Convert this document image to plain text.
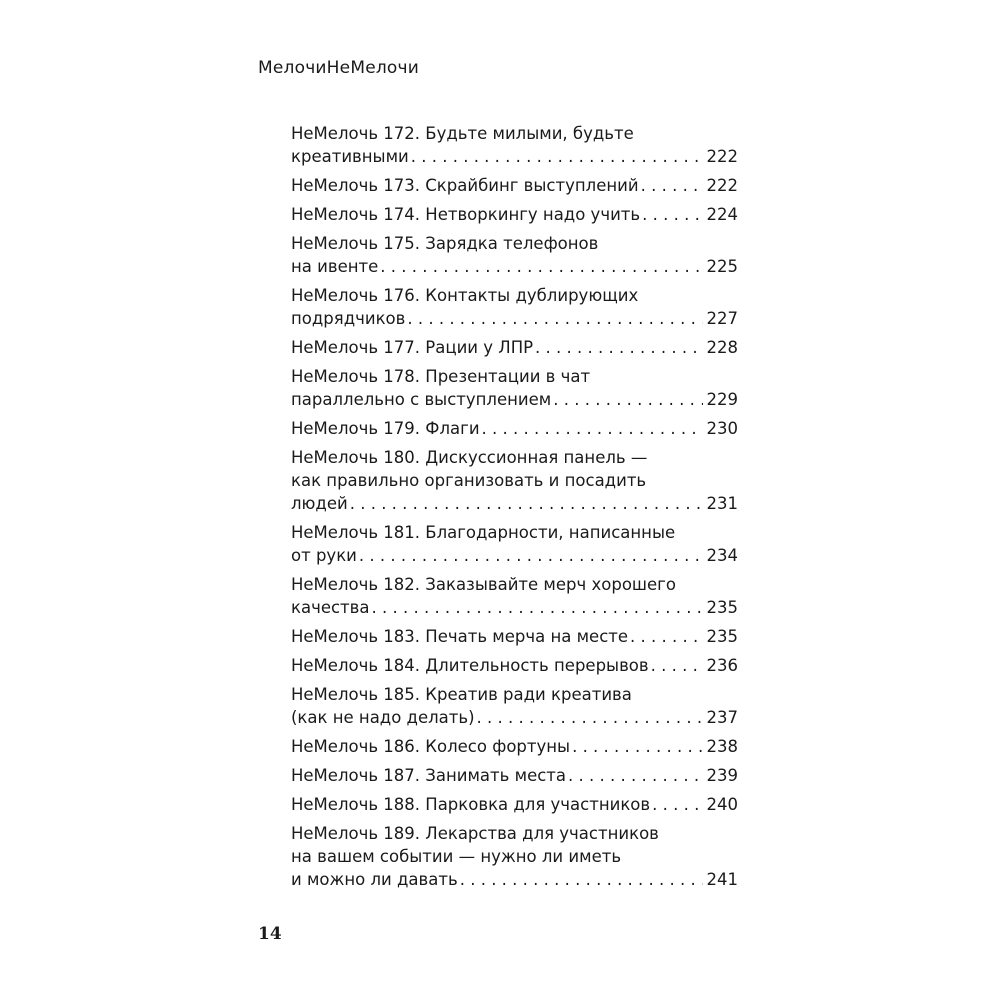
МелочиНеМелочи
НеМелочь 172. Будьте милыми, будьте
креативными . . .	222
НеМелочь 173. Скрайбинг выступлений . . .	222
НеМелочь 174. Нетворкингу надо учить . . .	224
НеМелочь 175. Зарядка телефонов
на ивенте . . .	225
НеМелочь 176. Контакты дублирующих
подрядчиков . . .	227
НеМелочь 177. Рации у ЛПР . . .	228
НеМелочь 178. Презентации в чат
параллельно с выступлением . . .	229
НеМелочь 179. Флаги . . .	230
НеМелочь 180. Дискуссионная панель —
как правильно организовать и посадить
людей . . .	231
НеМелочь 181. Благодарности, написанные
от руки . . .	234
НеМелочь 182. Заказывайте мерч хорошего
качества . . .	235
НеМелочь 183. Печать мерча на месте . . .	235
НеМелочь 184. Длительность перерывов . . .	236
НеМелочь 185. Креатив ради креатива
(как не надо делать) . . .	237
НеМелочь 186. Колесо фортуны . . .	238
НеМелочь 187. Занимать места . . .	239
НеМелочь 188. Парковка для участников . . .	240
НеМелочь 189. Лекарства для участников
на вашем событии — нужно ли иметь
и можно ли давать . . .	241
14
